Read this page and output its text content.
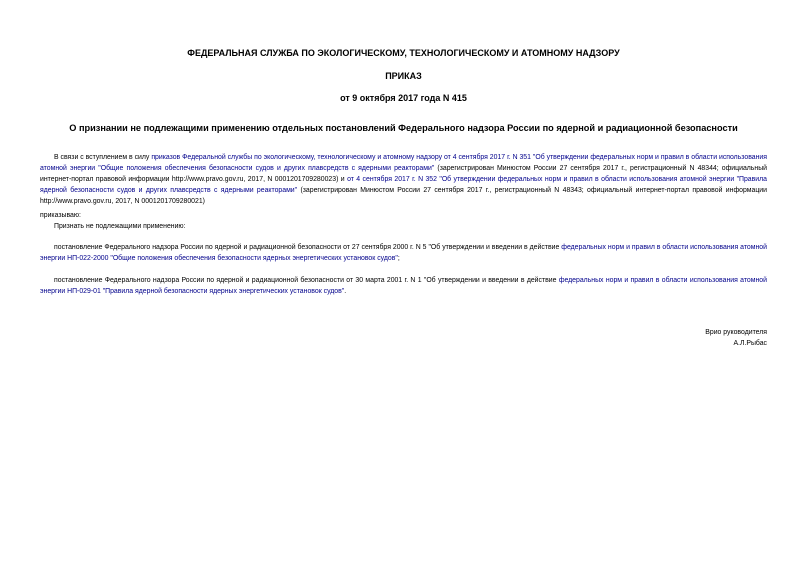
ФЕДЕРАЛЬНАЯ СЛУЖБА ПО ЭКОЛОГИЧЕСКОМУ, ТЕХНОЛОГИЧЕСКОМУ И АТОМНОМУ НАДЗОРУ
ПРИКАЗ
от 9 октября 2017 года N 415
О признании не подлежащими применению отдельных постановлений Федерального надзора России по ядерной и радиационной безопасности
В связи с вступлением в силу приказов Федеральной службы по экологическому, технологическому и атомному надзору от 4 сентября 2017 г. N 351 "Об утверждении федеральных норм и правил в области использования атомной энергии "Общие положения обеспечения безопасности судов и других плавсредств с ядерными реакторами" (зарегистрирован Минюстом России 27 сентября 2017 г., регистрационный N 48344; официальный интернет-портал правовой информации http://www.pravo.gov.ru, 2017, N 0001201709280023) и от 4 сентября 2017 г. N 352 "Об утверждении федеральных норм и правил в области использования атомной энергии "Правила ядерной безопасности судов и других плавсредств с ядерными реакторами" (зарегистрирован Минюстом России 27 сентября 2017 г., регистрационный N 48343; официальный интернет-портал правовой информации http://www.pravo.gov.ru, 2017, N 0001201709280021)
приказываю:
Признать не подлежащими применению:
постановление Федерального надзора России по ядерной и радиационной безопасности от 27 сентября 2000 г. N 5 "Об утверждении и введении в действие федеральных норм и правил в области использования атомной энергии НП-022-2000 "Общие положения обеспечения безопасности ядерных энергетических установок судов";
постановление Федерального надзора России по ядерной и радиационной безопасности от 30 марта 2001 г. N 1 "Об утверждении и введении в действие федеральных норм и правил в области использования атомной энергии НП-029-01 "Правила ядерной безопасности ядерных энергетических установок судов".
Врио руководителя
А.Л.Рыбас
